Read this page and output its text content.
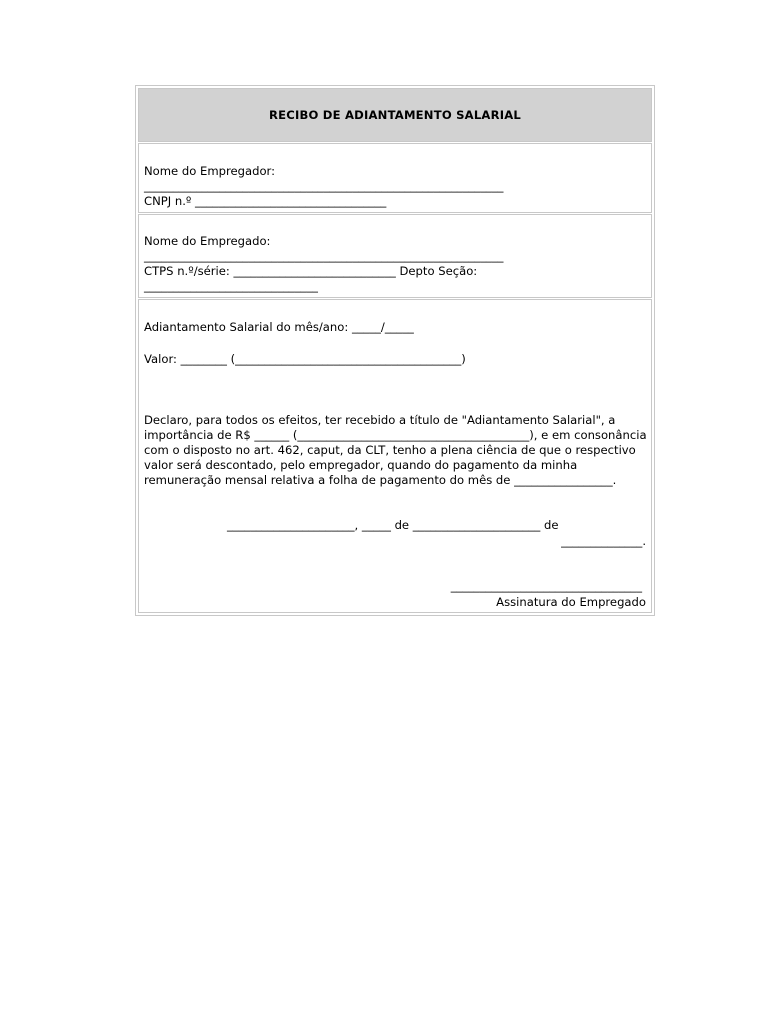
RECIBO DE ADIANTAMENTO SALARIAL
Nome do Empregador:
______________________________________________________________
CNPJ n.º _________________________________
Nome do Empregado:
______________________________________________________________
CTPS n.º/série: ____________________________ Depto Seção:
______________________________
Adiantamento Salarial do mês/ano: _____/_____
Valor: ________ (_______________________________________)
Declaro, para todos os efeitos, ter recebido a título de "Adiantamento Salarial", a importância de R$ ______ (________________________________________), e em consonância com o disposto no art. 462, caput, da CLT, tenho a plena ciência de que o respectivo valor será descontado, pelo empregador, quando do pagamento da minha remuneração mensal relativa a folha de pagamento do mês de _________________.
______________________, _____ de ______________________ de
______________.
_________________________________
Assinatura do Empregado
